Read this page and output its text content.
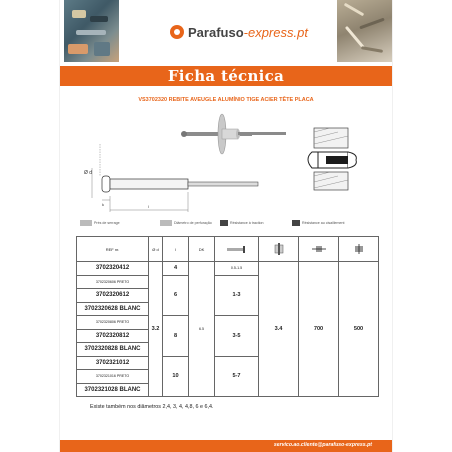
Parafuso-express.pt
Ficha técnica
VS3702320 REBITE AVEUGLE ALUMÍNIO TIGE ACIER TÊTE PLACA
Ø d
k	l
Prés de serrage	Diâmetro de perfuração	Résistance à traction	Résistance au cisaillement
REF nr.	Ø d	l	DK				
3702320412	3.2	4	6.5	0.5-1.5	3.4	700	500
3702320606 PRETO		6		1-3			
3702320612							
3702320628 BLANC							
3702320806 PRETO		8		3-5			
3702320812							
3702320828 BLANC							
3702321012		10		5-7			
3702321016 PRETO							
3702321028 BLANC							
Existe também nos diâmetros 2,4, 3, 4, 4,8, 6 e 6,4.
servico.ao.cliente@parafuso-express.pt
